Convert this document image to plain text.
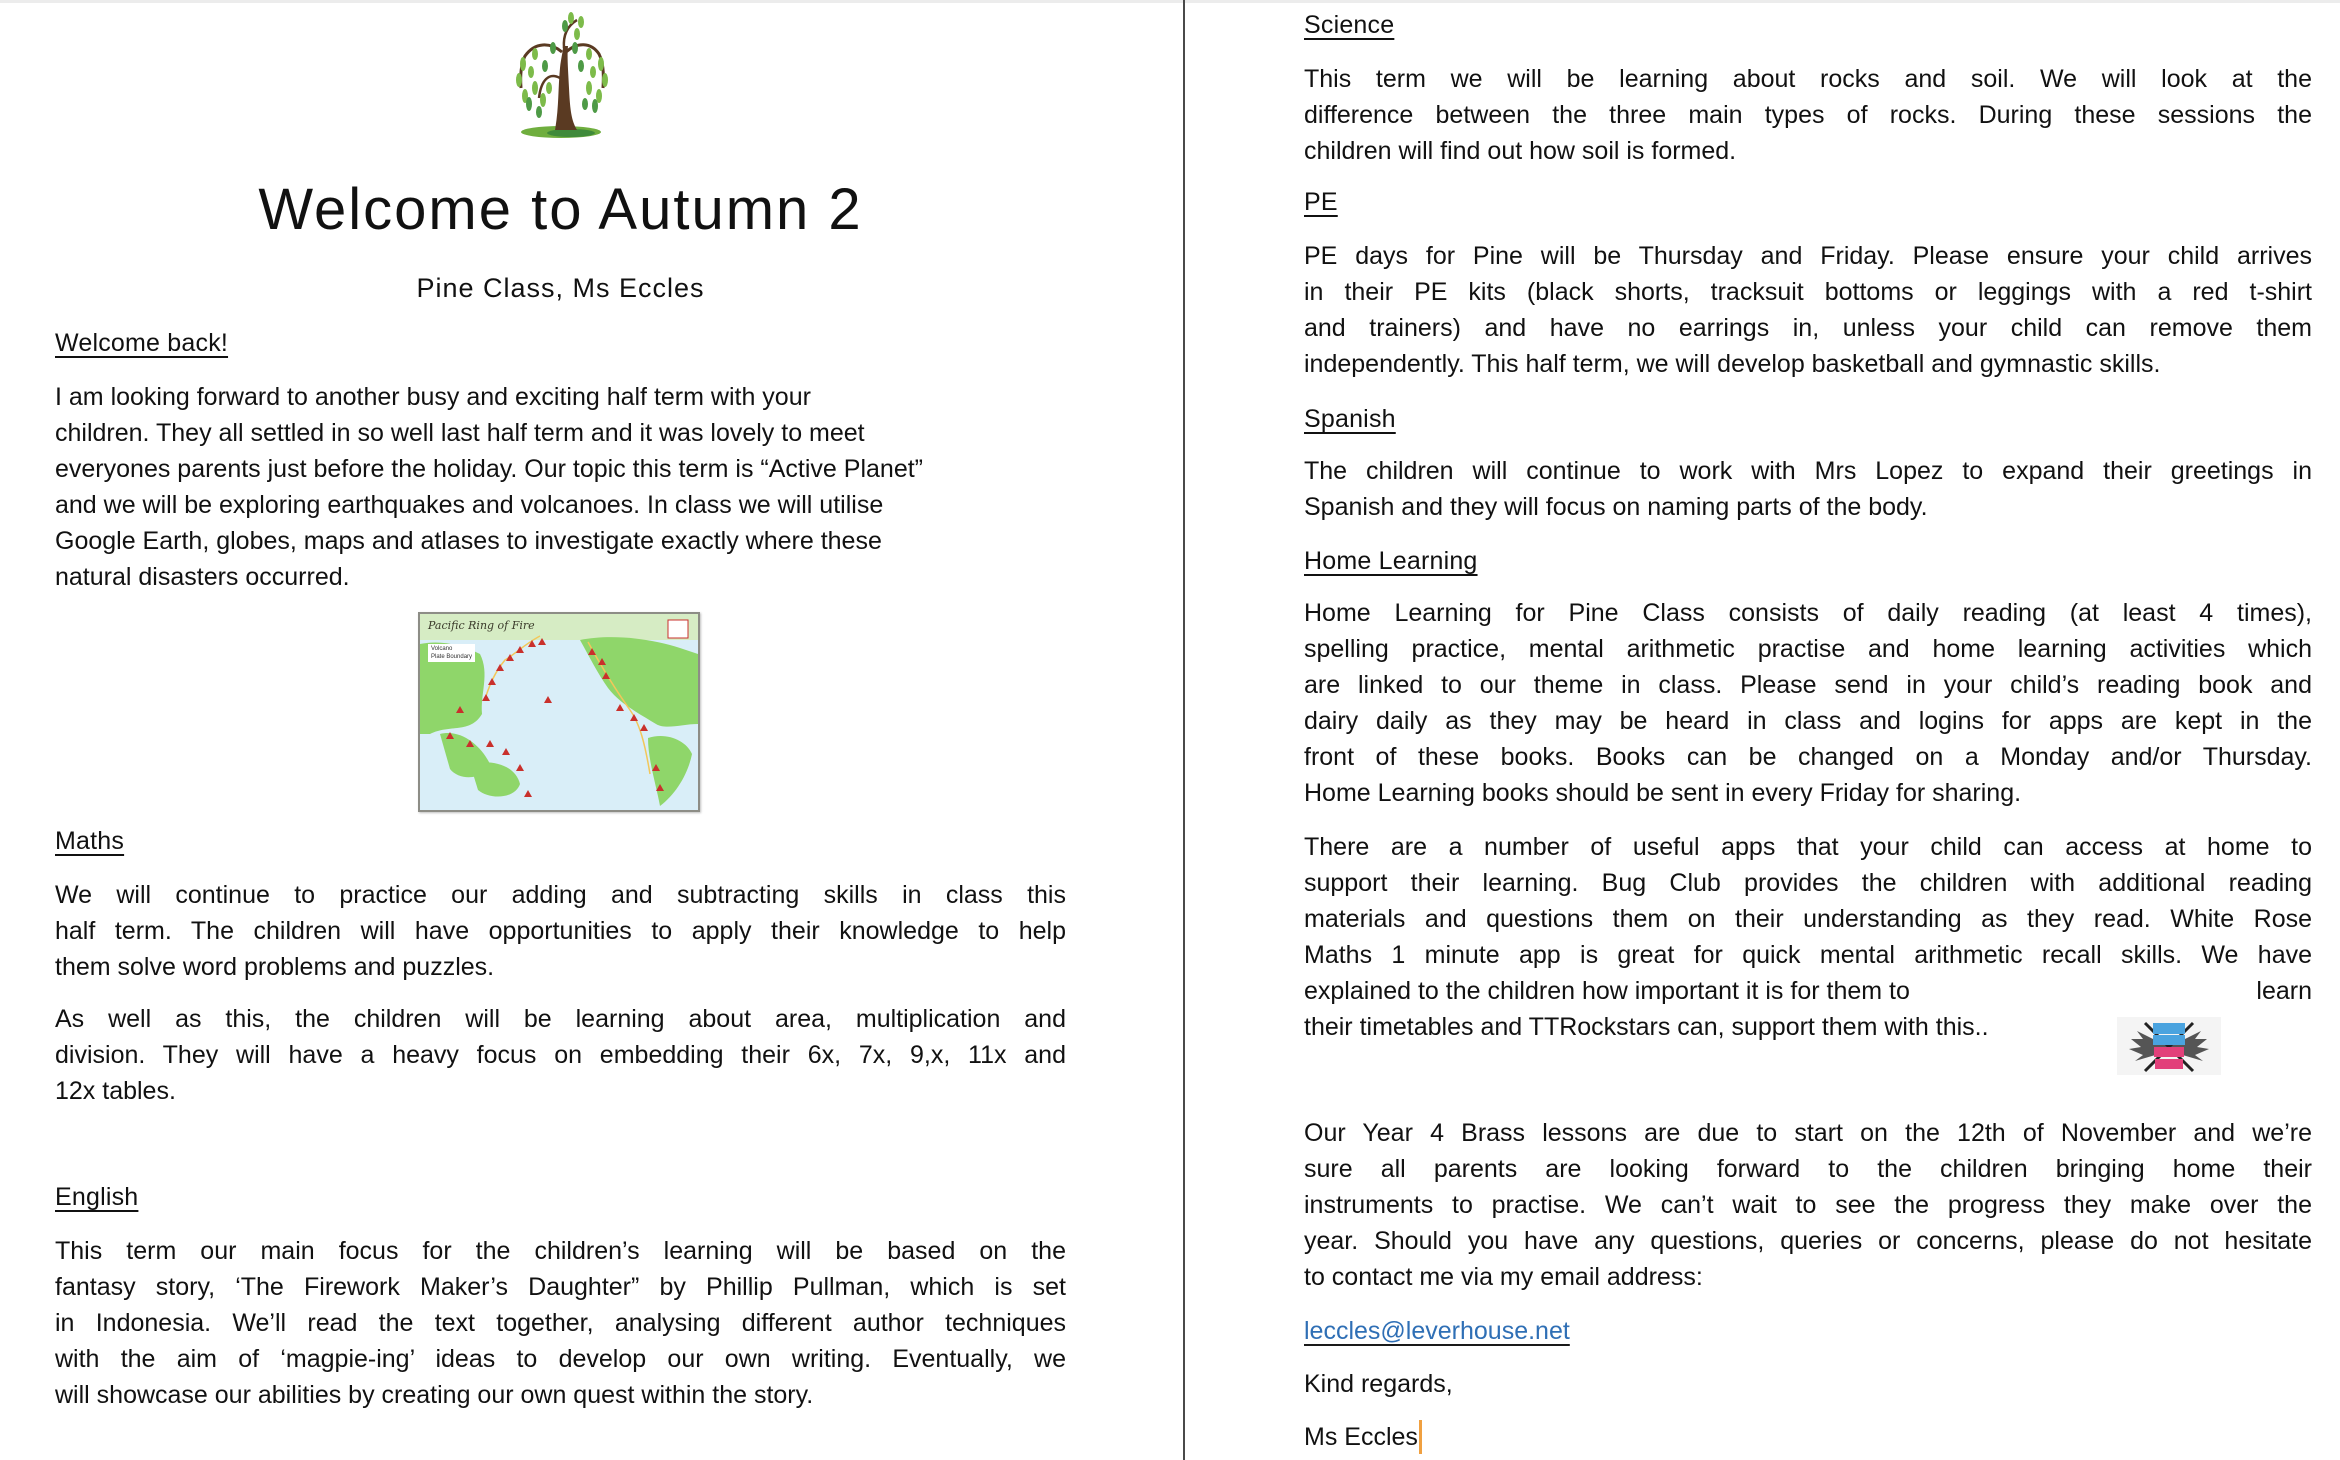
Welcome to Autumn 2
Pine Class, Ms Eccles
Welcome back!
I am looking forward to another busy and exciting half term with your
children. They all settled in so well last half term and it was lovely to meet
everyones parents just before the holiday. Our topic this term is “Active Planet”
and we will be exploring earthquakes and volcanoes. In class we will utilise
Google Earth, globes, maps and atlases to investigate exactly where these
natural disasters occurred.
Pacific Ring of Fire
Volcano
Plate Boundary
Maths
We will continue to practice our adding and subtracting skills in class this
half term. The children will have opportunities to apply their knowledge to help
them solve word problems and puzzles.
As well as this, the children will be learning about area, multiplication and
division. They will have a heavy focus on embedding their 6x, 7x, 9,x, 11x and
12x tables.
English
This term our main focus for the children’s learning will be based on the
fantasy story, ‘The Firework Maker’s Daughter” by Phillip Pullman, which is set
in Indonesia. We’ll read the text together, analysing different author techniques
with the aim of ‘magpie-ing’ ideas to develop our own writing. Eventually, we
will showcase our abilities by creating our own quest within the story.
Science
This term we will be learning about rocks and soil. We will look at the
difference between the three main types of rocks. During these sessions the
children will find out how soil is formed.
PE
PE days for Pine will be Thursday and Friday. Please ensure your child arrives
in their PE kits (black shorts, tracksuit bottoms or leggings with a red t-shirt
and trainers) and have no earrings in, unless your child can remove them
independently. This half term, we will develop basketball and gymnastic skills.
Spanish
The children will continue to work with Mrs Lopez to expand their greetings in
Spanish and they will focus on naming parts of the body.
Home Learning
Home Learning for Pine Class consists of daily reading (at least 4 times),
spelling practice, mental arithmetic practise and home learning activities which
are linked to our theme in class. Please send in your child’s reading book and
dairy daily as they may be heard in class and logins for apps are kept in the
front of these books. Books can be changed on a Monday and/or Thursday.
Home Learning books should be sent in every Friday for sharing.
There are a number of useful apps that your child can access at home to
support their learning. Bug Club provides the children with additional reading
materials and questions them on their understanding as they read. White Rose
Maths 1 minute app is great for quick mental arithmetic recall skills. We have
explained to the children how important it is for them to	learn
their timetables and TTRockstars can, support them with this..
Our Year 4 Brass lessons are due to start on the 12th of November and we’re
sure all parents are looking forward to the children bringing home their
instruments to practise. We can’t wait to see the progress they make over the
year. Should you have any questions, queries or concerns, please do not hesitate
to contact me via my email address:
leccles@leverhouse.net
Kind regards,
Ms Eccles
